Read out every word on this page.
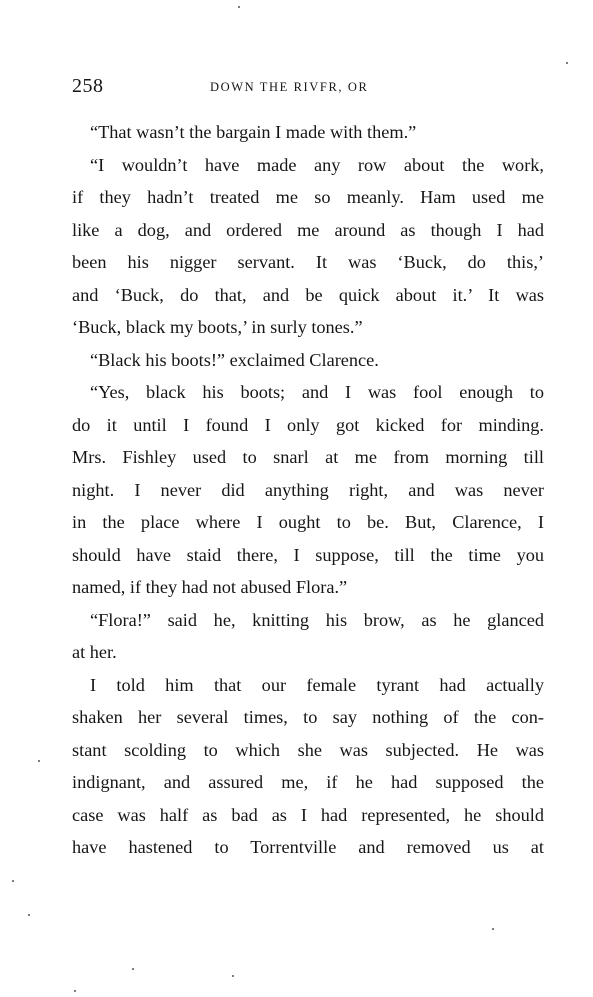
258	DOWN THE RIVFR, OR
“That wasn’t the bargain I made with them.”
“I wouldn’t have made any row about the work,
if they hadn’t treated me so meanly. Ham used me
like a dog, and ordered me around as though I had
been his nigger servant. It was ‘Buck, do this,’
and ‘Buck, do that, and be quick about it.’ It was
‘Buck, black my boots,’ in surly tones.”
“Black his boots!” exclaimed Clarence.
“Yes, black his boots; and I was fool enough to
do it until I found I only got kicked for minding.
Mrs. Fishley used to snarl at me from morning till
night. I never did anything right, and was never
in the place where I ought to be. But, Clarence, I
should have staid there, I suppose, till the time you
named, if they had not abused Flora.”
“Flora!” said he, knitting his brow, as he glanced
at her.
I told him that our female tyrant had actually
shaken her several times, to say nothing of the con-
stant scolding to which she was subjected. He was
indignant, and assured me, if he had supposed the
case was half as bad as I had represented, he should
have hastened to Torrentville and removed us at
